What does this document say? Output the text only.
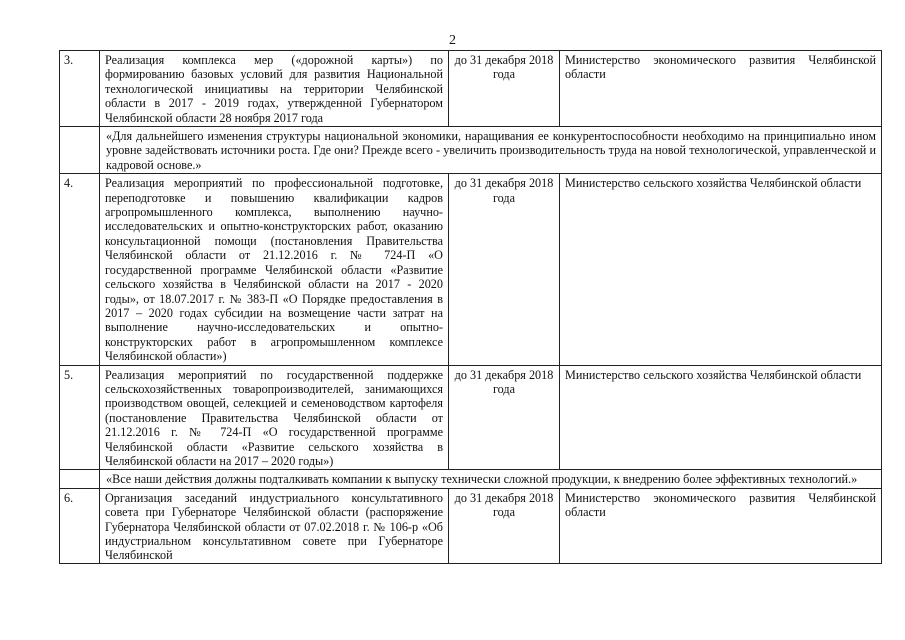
2
3.	Реализация комплекса мер («дорожной карты») по формированию базовых условий для развития Национальной технологической инициативы на территории Челябинской области в 2017 - 2019 годах, утвержденной Губернатором Челябинской области 28 ноября 2017 года	до 31 декабря 2018 года	Министерство экономического развития Челябинской области
	«Для дальнейшего изменения структуры национальной экономики, наращивания ее конкурентоспособности необходимо на принципиально ином уровне задействовать источники роста. Где они? Прежде всего - увеличить производительность труда на новой технологической, управленческой и кадровой основе.»		
4.	Реализация мероприятий по профессиональной подготовке, переподготовке и повышению квалификации кадров агропромышленного комплекса, выполнению научно-исследовательских и опытно-конструкторских работ, оказанию консультационной помощи (постановления Правительства Челябинской области от 21.12.2016 г. № 724-П «О государственной программе Челябинской области «Развитие сельского хозяйства в Челябинской области на 2017 - 2020 годы», от 18.07.2017 г. № 383-П «О Порядке предоставления в 2017 – 2020 годах субсидии на возмещение части затрат на выполнение научно-исследовательских и опытно-конструкторских работ в агропромышленном комплексе Челябинской области»)	до 31 декабря 2018 года	Министерство сельского хозяйства Челябинской области
5.	Реализация мероприятий по государственной поддержке сельскохозяйственных товаропроизводителей, занимающихся производством овощей, селекцией и семеноводством картофеля (постановление Правительства Челябинской области от 21.12.2016 г. № 724-П «О государственной программе Челябинской области «Развитие сельского хозяйства в Челябинской области на 2017 – 2020 годы»)	до 31 декабря 2018 года	Министерство сельского хозяйства Челябинской области
	«Все наши действия должны подталкивать компании к выпуску технически сложной продукции, к внедрению более эффективных технологий.»		
6.	Организация заседаний индустриального консультативного совета при Губернаторе Челябинской области (распоряжение Губернатора Челябинской области от 07.02.2018 г. № 106-р «Об индустриальном консультативном совете при Губернаторе Челябинской	до 31 декабря 2018 года	Министерство экономического развития Челябинской области
